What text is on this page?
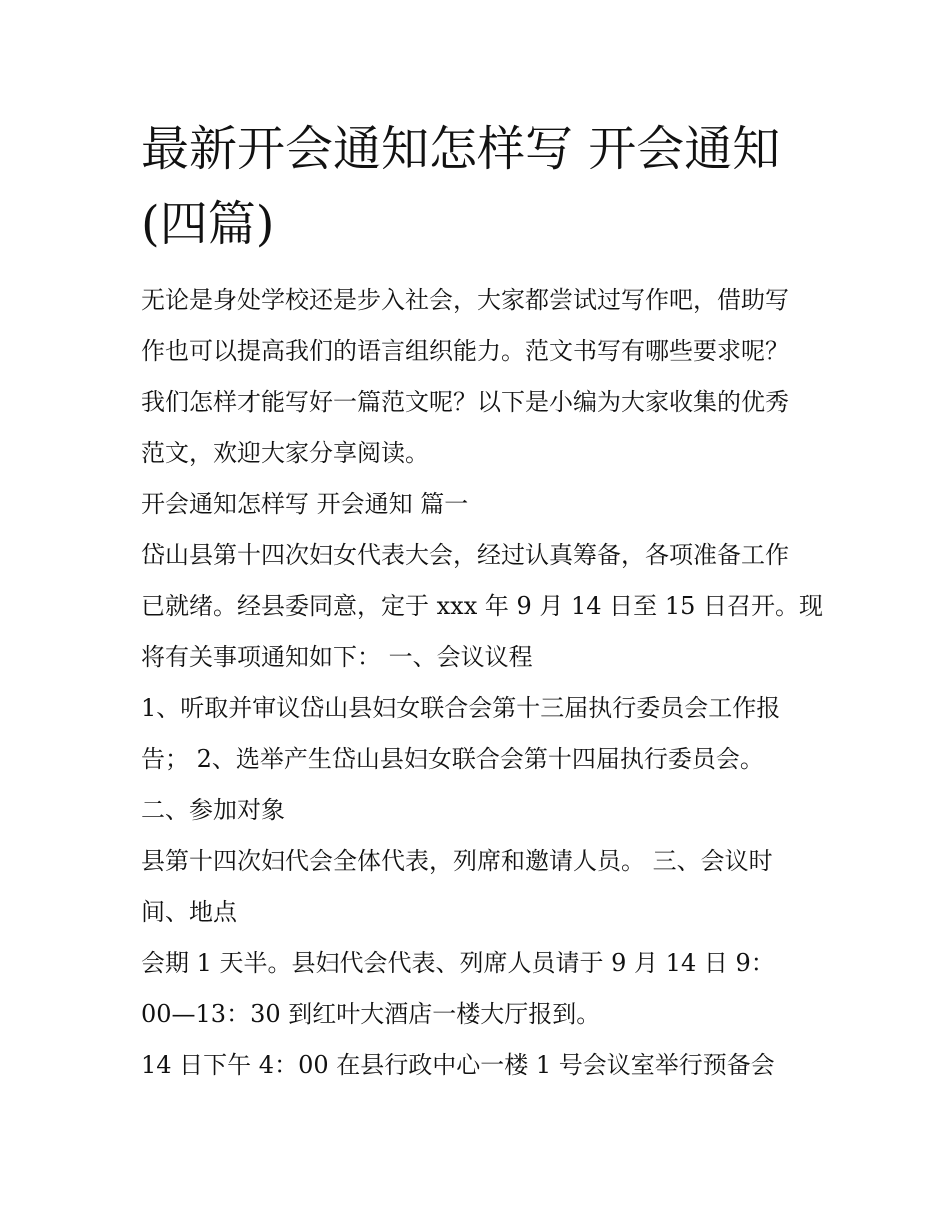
最新开会通知怎样写 开会通知
(四篇)
无论是身处学校还是步入社会，大家都尝试过写作吧，借助写
作也可以提高我们的语言组织能力。范文书写有哪些要求呢？
我们怎样才能写好一篇范文呢？以下是小编为大家收集的优秀
范文，欢迎大家分享阅读。
开会通知怎样写 开会通知 篇一
岱山县第十四次妇女代表大会，经过认真筹备，各项准备工作
已就绪。经县委同意，定于 xxx 年 9 月 14 日至 15 日召开。现
将有关事项通知如下： 一、会议议程
1、听取并审议岱山县妇女联合会第十三届执行委员会工作报
告； 2、选举产生岱山县妇女联合会第十四届执行委员会。
二、参加对象
县第十四次妇代会全体代表，列席和邀请人员。 三、会议时
间、地点
会期 1 天半。县妇代会代表、列席人员请于 9 月 14 日 9：
00—13：30 到红叶大酒店一楼大厅报到。
14 日下午 4：00 在县行政中心一楼 1 号会议室举行预备会
